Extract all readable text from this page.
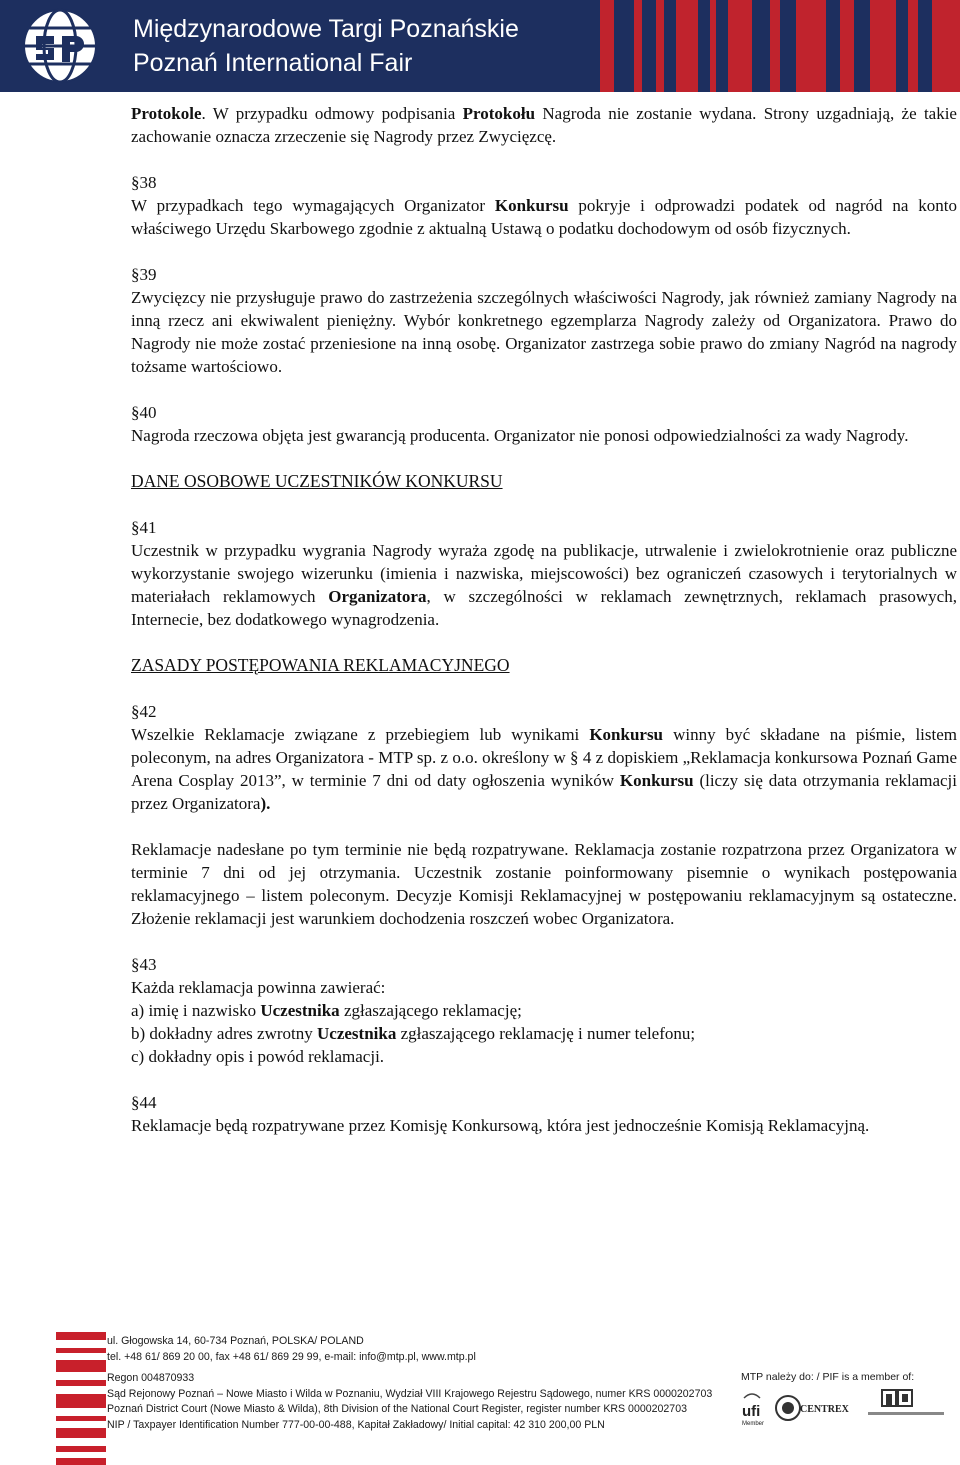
Międzynarodowe Targi Poznańskie
Poznań International Fair

Protokole. W przypadku odmowy podpisania Protokołu Nagroda nie zostanie wydana. Strony uzgadniają, że takie zachowanie oznacza zrzeczenie się Nagrody przez Zwycięzcę.

§38

W przypadkach tego wymagających Organizator Konkursu pokryje i odprowadzi podatek od nagród na konto właściwego Urzędu Skarbowego zgodnie z aktualną Ustawą o podatku dochodowym od osób fizycznych.

§39

Zwycięzcy nie przysługuje prawo do zastrzeżenia szczególnych właściwości Nagrody, jak również zamiany Nagrody na inną rzecz ani ekwiwalent pieniężny. Wybór konkretnego egzemplarza Nagrody zależy od Organizatora. Prawo do Nagrody nie może zostać przeniesione na inną osobę. Organizator zastrzega sobie prawo do zmiany Nagród na nagrody tożsame wartościowo.

§40

Nagroda rzeczowa objęta jest gwarancją producenta. Organizator nie ponosi odpowiedzialności za wady Nagrody.

DANE OSOBOWE UCZESTNIKÓW KONKURSU

§41

Uczestnik w przypadku wygrania Nagrody wyraża zgodę na publikacje, utrwalenie i zwielokrotnienie oraz publiczne wykorzystanie swojego wizerunku (imienia i nazwiska, miejscowości) bez ograniczeń czasowych i terytorialnych w materiałach reklamowych Organizatora, w szczególności w reklamach zewnętrznych, reklamach prasowych, Internecie, bez dodatkowego wynagrodzenia.

ZASADY POSTĘPOWANIA REKLAMACYJNEGO

§42

Wszelkie Reklamacje związane z przebiegiem lub wynikami Konkursu winny być składane na piśmie, listem poleconym, na adres Organizatora - MTP sp. z o.o. określony w § 4 z dopiskiem „Reklamacja konkursowa Poznań Game Arena Cosplay 2013”, w terminie 7 dni od daty ogłoszenia wyników Konkursu (liczy się data otrzymania reklamacji przez Organizatora).

Reklamacje nadesłane po tym terminie nie będą rozpatrywane. Reklamacja zostanie rozpatrzona przez Organizatora w terminie 7 dni od jej otrzymania. Uczestnik zostanie poinformowany pisemnie o wynikach postępowania reklamacyjnego – listem poleconym. Decyzje Komisji Reklamacyjnej w postępowaniu reklamacyjnym są ostateczne. Złożenie reklamacji jest warunkiem dochodzenia roszczeń wobec Organizatora.

§43

Każda reklamacja powinna zawierać:

a) imię i nazwisko Uczestnika zgłaszającego reklamację;

b) dokładny adres zwrotny Uczestnika zgłaszającego reklamację i numer telefonu;

c) dokładny opis i powód reklamacji.

§44

Reklamacje będą rozpatrywane przez Komisję Konkursową, która jest jednocześnie Komisją Reklamacyjną.

ul. Głogowska 14, 60-734 Poznań, POLSKA/ POLAND
tel. +48 61/ 869 20 00, fax +48 61/ 869 29 99, e-mail: info@mtp.pl, www.mtp.pl
Regon 004870933
Sąd Rejonowy Poznań – Nowe Miasto i Wilda w Poznaniu, Wydział VIII Krajowego Rejestru Sądowego, numer KRS 0000202703
Poznań District Court (Nowe Miasto & Wilda), 8th Division of the National Court Register, register number KRS 0000202703
NIP / Taxpayer Identification Number 777-00-00-488, Kapitał Zakładowy/ Initial capital: 42 310 200,00 PLN
MTP należy do: / PIF is a member of:
ufi
Member
CENTREX
